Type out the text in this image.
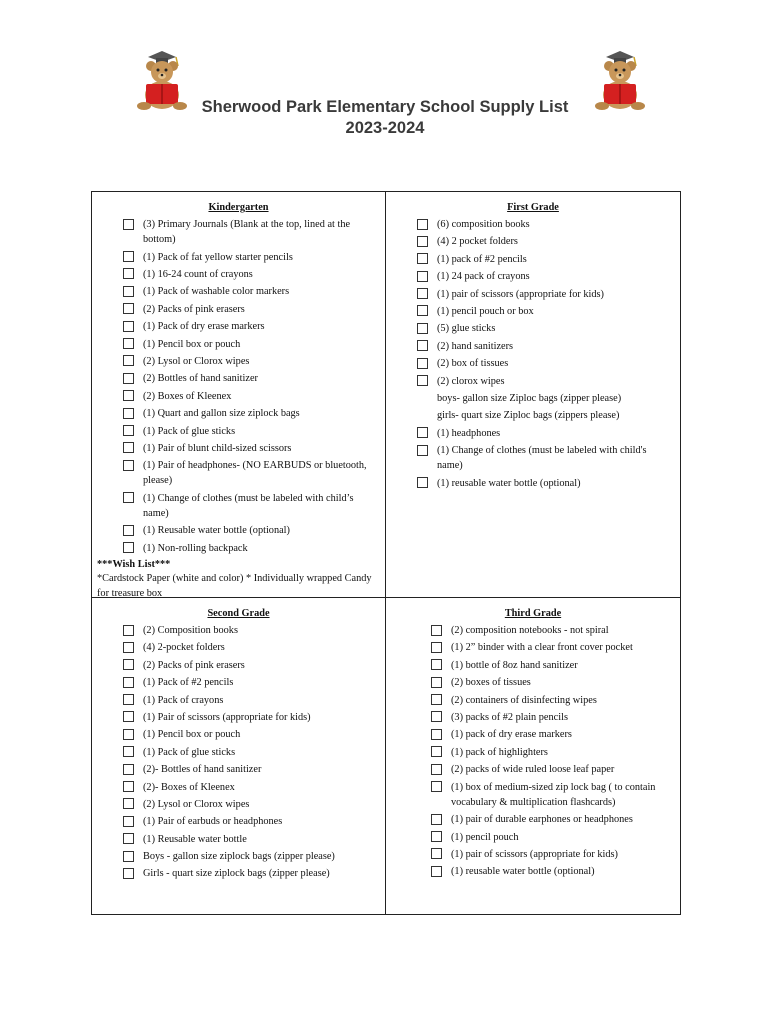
Sherwood Park Elementary School Supply List
2023-2024
Kindergarten
(3) Primary Journals (Blank at the top, lined at the bottom)
(1) Pack of fat yellow starter pencils
(1) 16-24 count of crayons
(1) Pack of washable color markers
(2) Packs of pink erasers
(1) Pack of dry erase markers
(1) Pencil box or pouch
(2) Lysol or Clorox wipes
(2) Bottles of hand sanitizer
(2) Boxes of Kleenex
(1) Quart and gallon size ziplock bags
(1) Pack of glue sticks
(1) Pair of blunt child-sized scissors
(1) Pair of headphones- (NO EARBUDS or bluetooth, please)
(1) Change of clothes (must be labeled with child’s name)
(1) Reusable water bottle (optional)
(1) Non-rolling backpack
***Wish List***
*Cardstock Paper (white and color) * Individually wrapped Candy for treasure box
First Grade
(6) composition books
(4) 2 pocket folders
(1) pack of #2 pencils
(1) 24 pack of crayons
(1) pair of scissors (appropriate for kids)
(1) pencil pouch or box
(5) glue sticks
(2) hand sanitizers
(2) box of tissues
(2) clorox wipes
boys- gallon size Ziploc bags (zipper please)
girls- quart size Ziploc bags (zippers please)
(1) headphones
(1) Change of clothes (must be labeled with child's name)
(1) reusable water bottle (optional)
Second Grade
(2) Composition books
(4) 2-pocket folders
(2) Packs of pink erasers
(1) Pack of #2 pencils
(1) Pack of crayons
(1) Pair of scissors (appropriate for kids)
(1) Pencil box or pouch
(1) Pack of glue sticks
(2)- Bottles of hand sanitizer
(2)- Boxes of Kleenex
(2) Lysol or Clorox wipes
(1) Pair of earbuds or headphones
(1) Reusable water bottle
Boys - gallon size ziplock bags (zipper please)
Girls - quart size ziplock bags (zipper please)
Third Grade
(2) composition notebooks - not spiral
(1) 2” binder with a clear front cover pocket
(1) bottle of 8oz hand sanitizer
(2) boxes of tissues
(2) containers of disinfecting wipes
(3) packs of #2 plain pencils
(1) pack of dry erase markers
(1) pack of highlighters
(2) packs of wide ruled loose leaf paper
(1) box of medium-sized zip lock bag ( to contain vocabulary & multiplication flashcards)
(1) pair of durable earphones or headphones
(1) pencil pouch
(1) pair of scissors (appropriate for kids)
(1) reusable water bottle (optional)
